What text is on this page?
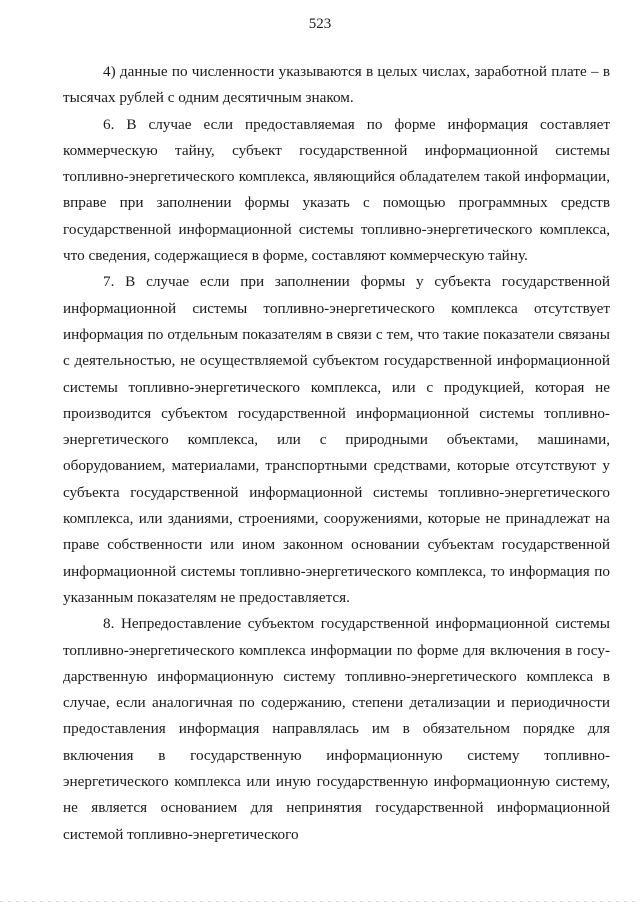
523

4) данные по численности указываются в целых числах, заработной плате – в тысячах рублей с одним десятичным знаком.

6. В случае если предоставляемая по форме информация составляет коммерческую тайну, субъект государственной информационной системы топливно-энергетического комплекса, являющийся обладателем такой информации, вправе при заполнении формы указать с помощью программных средств государственной информационной системы топливно-энергетического комплекса, что сведения, содержащиеся в форме, составляют коммерческую тайну.

7. В случае если при заполнении формы у субъекта государственной информационной системы топливно-энергетического комплекса отсутствует информация по отдельным показателям в связи с тем, что такие показатели связаны с деятельностью, не осуществляемой субъектом государственной информационной системы топливно-энергетического комплекса, или с продукцией, которая не производится субъектом государственной информационной системы топливно-энергетического комплекса, или с природными объектами, машинами, оборудованием, материалами, транспортными средствами, которые отсутствуют у субъекта государственной информационной системы топливно-энергетического комплекса, или зданиями, строениями, сооружениями, которые не принадлежат на праве собственности или ином законном основании субъектам государственной информационной системы топливно-энергетического комплекса, то информация по указанным показателям не предоставляется.

8. Непредоставление субъектом государственной информационной системы топливно-энергетического комплекса информации по форме для включения в государственную информационную систему топливно-энергетического комплекса в случае, если аналогичная по содержанию, степени детализации и периодичности предоставления информация направлялась им в обязательном порядке для включения в государственную информационную систему топливно-энергетического комплекса или иную государственную информационную систему, не является основанием для непринятия государственной информационной системой топливно-энергетического
